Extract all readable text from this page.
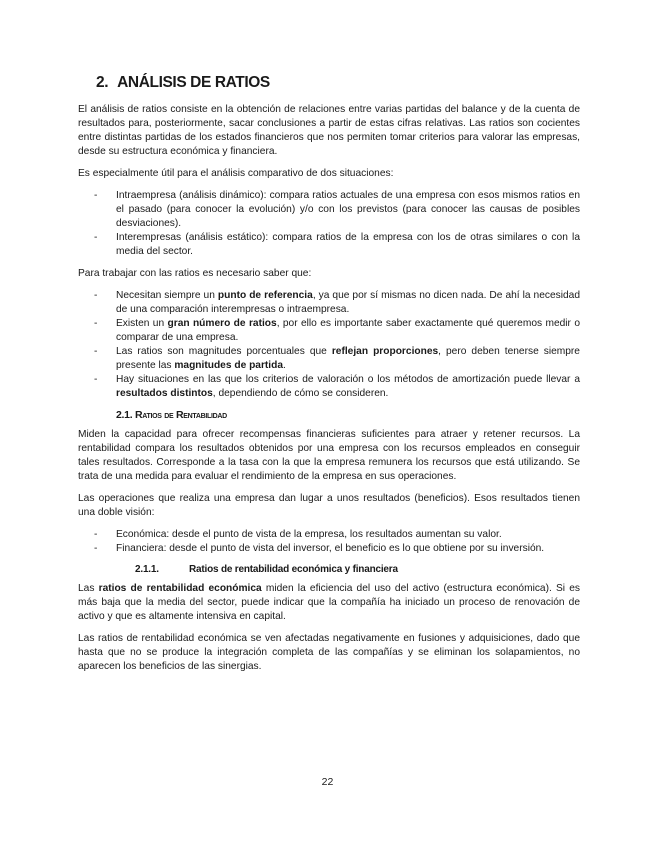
2. ANÁLISIS DE RATIOS

El análisis de ratios consiste en la obtención de relaciones entre varias partidas del balance y de la cuenta de resultados para, posteriormente, sacar conclusiones a partir de estas cifras relativas. Las ratios son cocientes entre distintas partidas de los estados financieros que nos permiten tomar criterios para valorar las empresas, desde su estructura económica y financiera.

Es especialmente útil para el análisis comparativo de dos situaciones:

- Intraempresa (análisis dinámico): compara ratios actuales de una empresa con esos mismos ratios en el pasado (para conocer la evolución) y/o con los previstos (para conocer las causas de posibles desviaciones).
- Interempresas (análisis estático): compara ratios de la empresa con los de otras similares o con la media del sector.

Para trabajar con las ratios es necesario saber que:

- Necesitan siempre un punto de referencia, ya que por sí mismas no dicen nada. De ahí la necesidad de una comparación interempresas o intraempresa.
- Existen un gran número de ratios, por ello es importante saber exactamente qué queremos medir o comparar de una empresa.
- Las ratios son magnitudes porcentuales que reflejan proporciones, pero deben tenerse siempre presente las magnitudes de partida.
- Hay situaciones en las que los criterios de valoración o los métodos de amortización puede llevar a resultados distintos, dependiendo de cómo se consideren.
2.1. Ratios de Rentabilidad

Miden la capacidad para ofrecer recompensas financieras suficientes para atraer y retener recursos. La rentabilidad compara los resultados obtenidos por una empresa con los recursos empleados en conseguir tales resultados. Corresponde a la tasa con la que la empresa remunera los recursos que está utilizando. Se trata de una medida para evaluar el rendimiento de la empresa en sus operaciones.

Las operaciones que realiza una empresa dan lugar a unos resultados (beneficios). Esos resultados tienen una doble visión:

- Económica: desde el punto de vista de la empresa, los resultados aumentan su valor.
- Financiera: desde el punto de vista del inversor, el beneficio es lo que obtiene por su inversión.
2.1.1.	Ratios de rentabilidad económica y financiera

Las ratios de rentabilidad económica miden la eficiencia del uso del activo (estructura económica). Si es más baja que la media del sector, puede indicar que la compañía ha iniciado un proceso de renovación de activo y que es altamente intensiva en capital.

Las ratios de rentabilidad económica se ven afectadas negativamente en fusiones y adquisiciones, dado que hasta que no se produce la integración completa de las compañías y se eliminan los solapamientos, no aparecen los beneficios de las sinergias.

22
